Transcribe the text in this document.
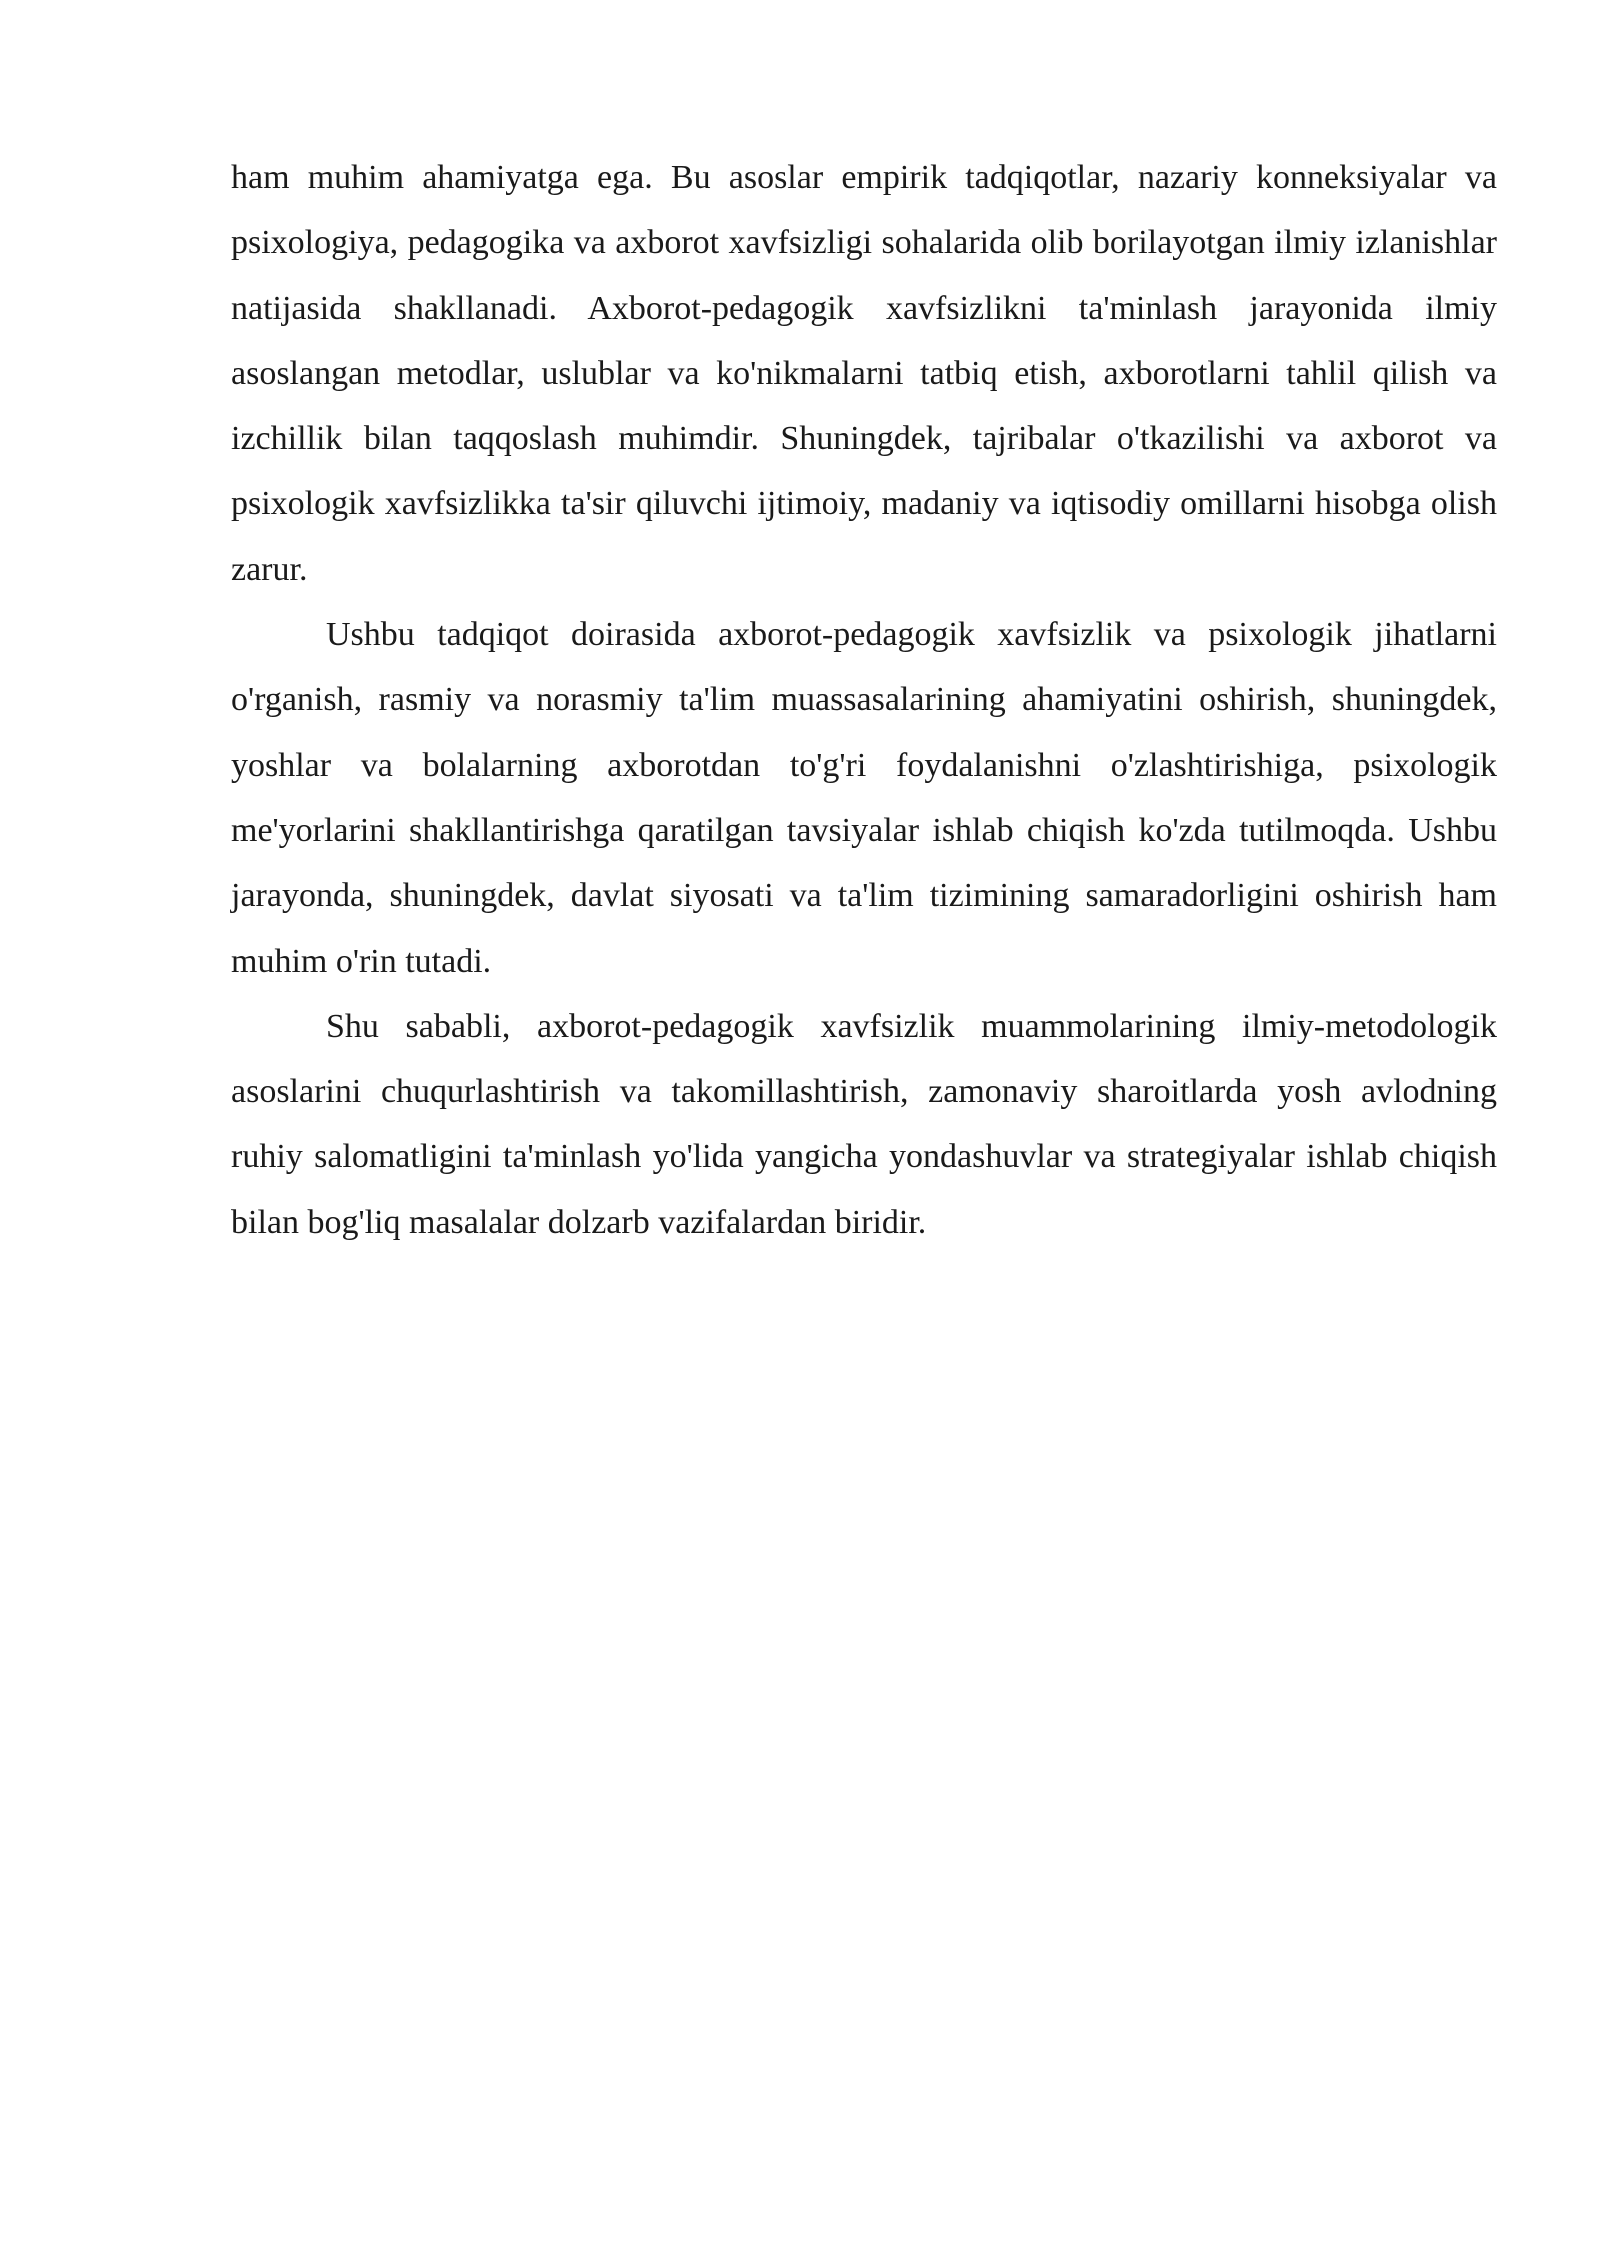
ham muhim ahamiyatga ega. Bu asoslar empirik tadqiqotlar, nazariy konneksiyalar va psixologiya, pedagogika va axborot xavfsizligi sohalarida olib borilayotgan ilmiy izlanishlar natijasida shakllanadi. Axborot-pedagogik xavfsizlikni ta'minlash jarayonida ilmiy asoslangan metodlar, uslublar va ko'nikmalarni tatbiq etish, axborotlarni tahlil qilish va izchillik bilan taqqoslash muhimdir. Shuningdek, tajribalar o'tkazilishi va axborot va psixologik xavfsizlikka ta'sir qiluvchi ijtimoiy, madaniy va iqtisodiy omillarni hisobga olish zarur.

Ushbu tadqiqot doirasida axborot-pedagogik xavfsizlik va psixologik jihatlarni o'rganish, rasmiy va norasmiy ta'lim muassasalarining ahamiyatini oshirish, shuningdek, yoshlar va bolalarning axborotdan to'g'ri foydalanishni o'zlashtirishiga, psixologik me'yorlarini shakllantirishga qaratilgan tavsiyalar ishlab chiqish ko'zda tutilmoqda. Ushbu jarayonda, shuningdek, davlat siyosati va ta'lim tizimining samaradorligini oshirish ham muhim o'rin tutadi.

Shu sababli, axborot-pedagogik xavfsizlik muammolarining ilmiy-metodologik asoslarini chuqurlashtirish va takomillashtirish, zamonaviy sharoitlarda yosh avlodning ruhiy salomatligini ta'minlash yo'lida yangicha yondashuvlar va strategiyalar ishlab chiqish bilan bog'liq masalalar dolzarb vazifalardan biridir.
